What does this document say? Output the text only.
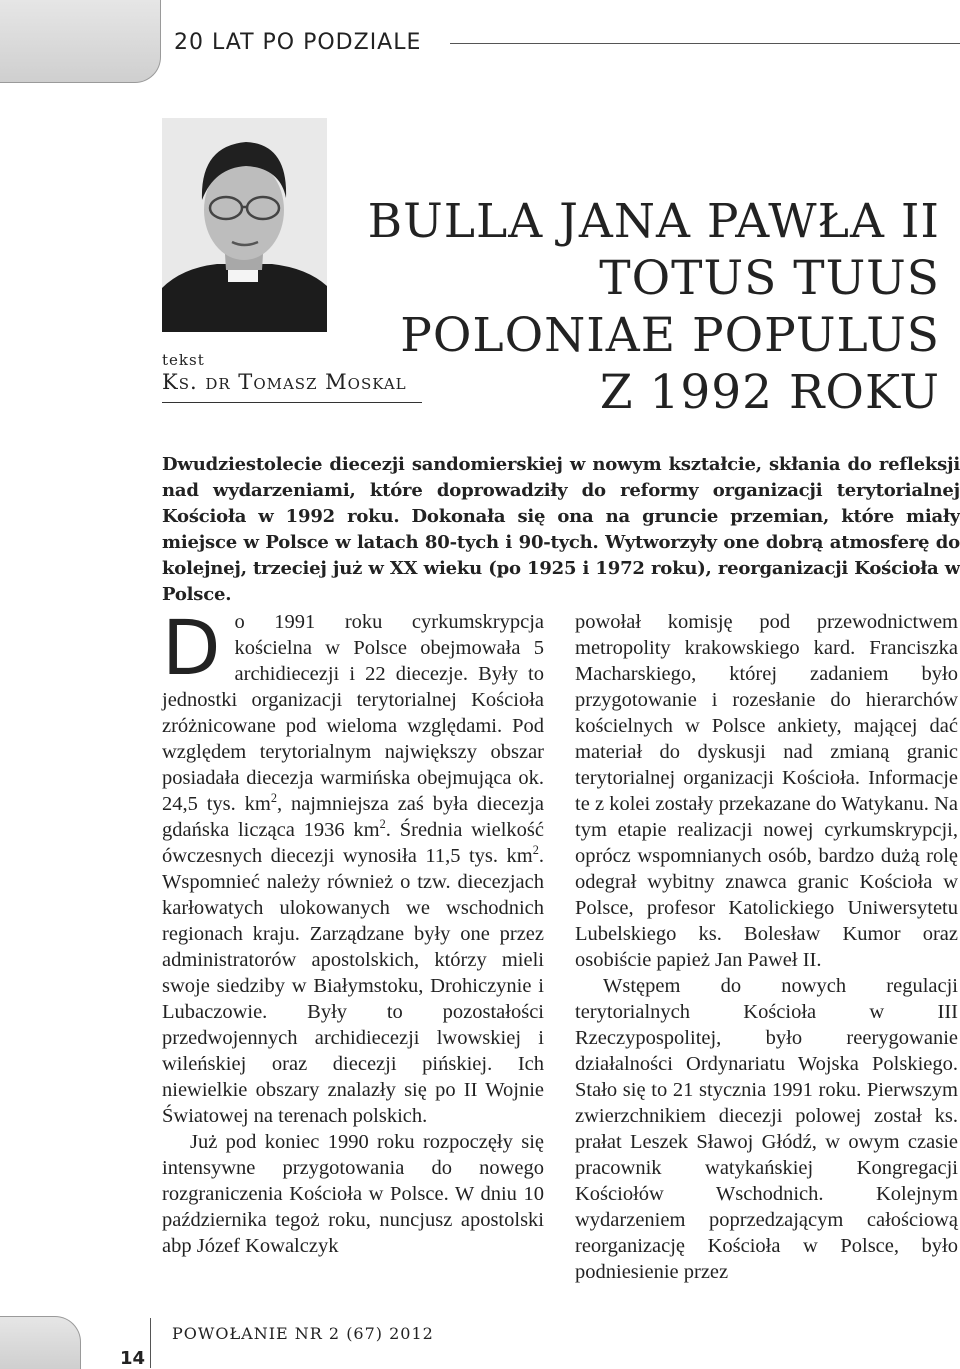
20 LAT PO PODZIALE
BULLA JANA PAWŁA II
TOTUS TUUS
POLONIAE POPULUS
Z 1992 ROKU
tekst
Ks. dr Tomasz Moskal

Dwudziestolecie diecezji sandomierskiej w nowym kształcie, skłania do refleksji nad wydarzeniami, które doprowadziły do reformy organizacji terytorialnej Kościoła w 1992 roku. Dokonała się ona na gruncie przemian, które miały miejsce w Polsce w latach 80-tych i 90-tych. Wytworzyły one dobrą atmosferę do kolejnej, trzeciej już w XX wieku (po 1925 i 1972 roku), reorganizacji Kościoła w Polsce.

Do 1991 roku cyrkumskrypcja kościelna w Polsce obejmowała 5 archidiecezji i 22 diecezje. Były to jednostki organizacji terytorialnej Kościoła zróżnicowane pod wieloma względami. Pod względem terytorialnym największy obszar posiadała diecezja warmińska obejmująca ok. 24,5 tys. $km^2$, najmniejsza zaś była diecezja gdańska licząca 1936 $km^2$. Średnia wielkość ówczesnych diecezji wynosiła 11,5 tys. $km^2$. Wspomnieć należy również o tzw. diecezjach karłowatych ulokowanych we wschodnich regionach kraju. Zarządzane były one przez administratorów apostolskich, którzy mieli swoje siedziby w Białymstoku, Drohiczynie i Lubaczowie. Były to pozostałości przedwojennych archidiecezji lwowskiej i wileńskiej oraz diecezji pińskiej. Ich niewielkie obszary znalazły się po II Wojnie Światowej na terenach polskich.

Już pod koniec 1990 roku rozpoczęły się intensywne przygotowania do nowego rozgraniczenia Kościoła w Polsce. W dniu 10 października tegoż roku, nuncjusz apostolski abp Józef Kowalczyk

powołał komisję pod przewodnictwem metropolity krakowskiego kard. Franciszka Macharskiego, której zadaniem było przygotowanie i rozesłanie do hierarchów kościelnych w Polsce ankiety, mającej dać materiał do dyskusji nad zmianą granic terytorialnej organizacji Kościoła. Informacje te z kolei zostały przekazane do Watykanu. Na tym etapie realizacji nowej cyrkumskrypcji, oprócz wspomnianych osób, bardzo dużą rolę odegrał wybitny znawca granic Kościoła w Polsce, profesor Katolickiego Uniwersytetu Lubelskiego ks. Bolesław Kumor oraz osobiście papież Jan Paweł II.

Wstępem do nowych regulacji terytorialnych Kościoła w III Rzeczypospolitej, było reerygowanie działalności Ordynariatu Wojska Polskiego. Stało się to 21 stycznia 1991 roku. Pierwszym zwierzchnikiem diecezji polowej został ks. prałat Leszek Sławoj Głódź, w owym czasie pracownik watykańskiej Kongregacji Kościołów Wschodnich. Kolejnym wydarzeniem poprzedzającym całościową reorganizację Kościoła w Polsce, było podniesienie przez

14
POWOŁANIE NR 2 (67) 2012
